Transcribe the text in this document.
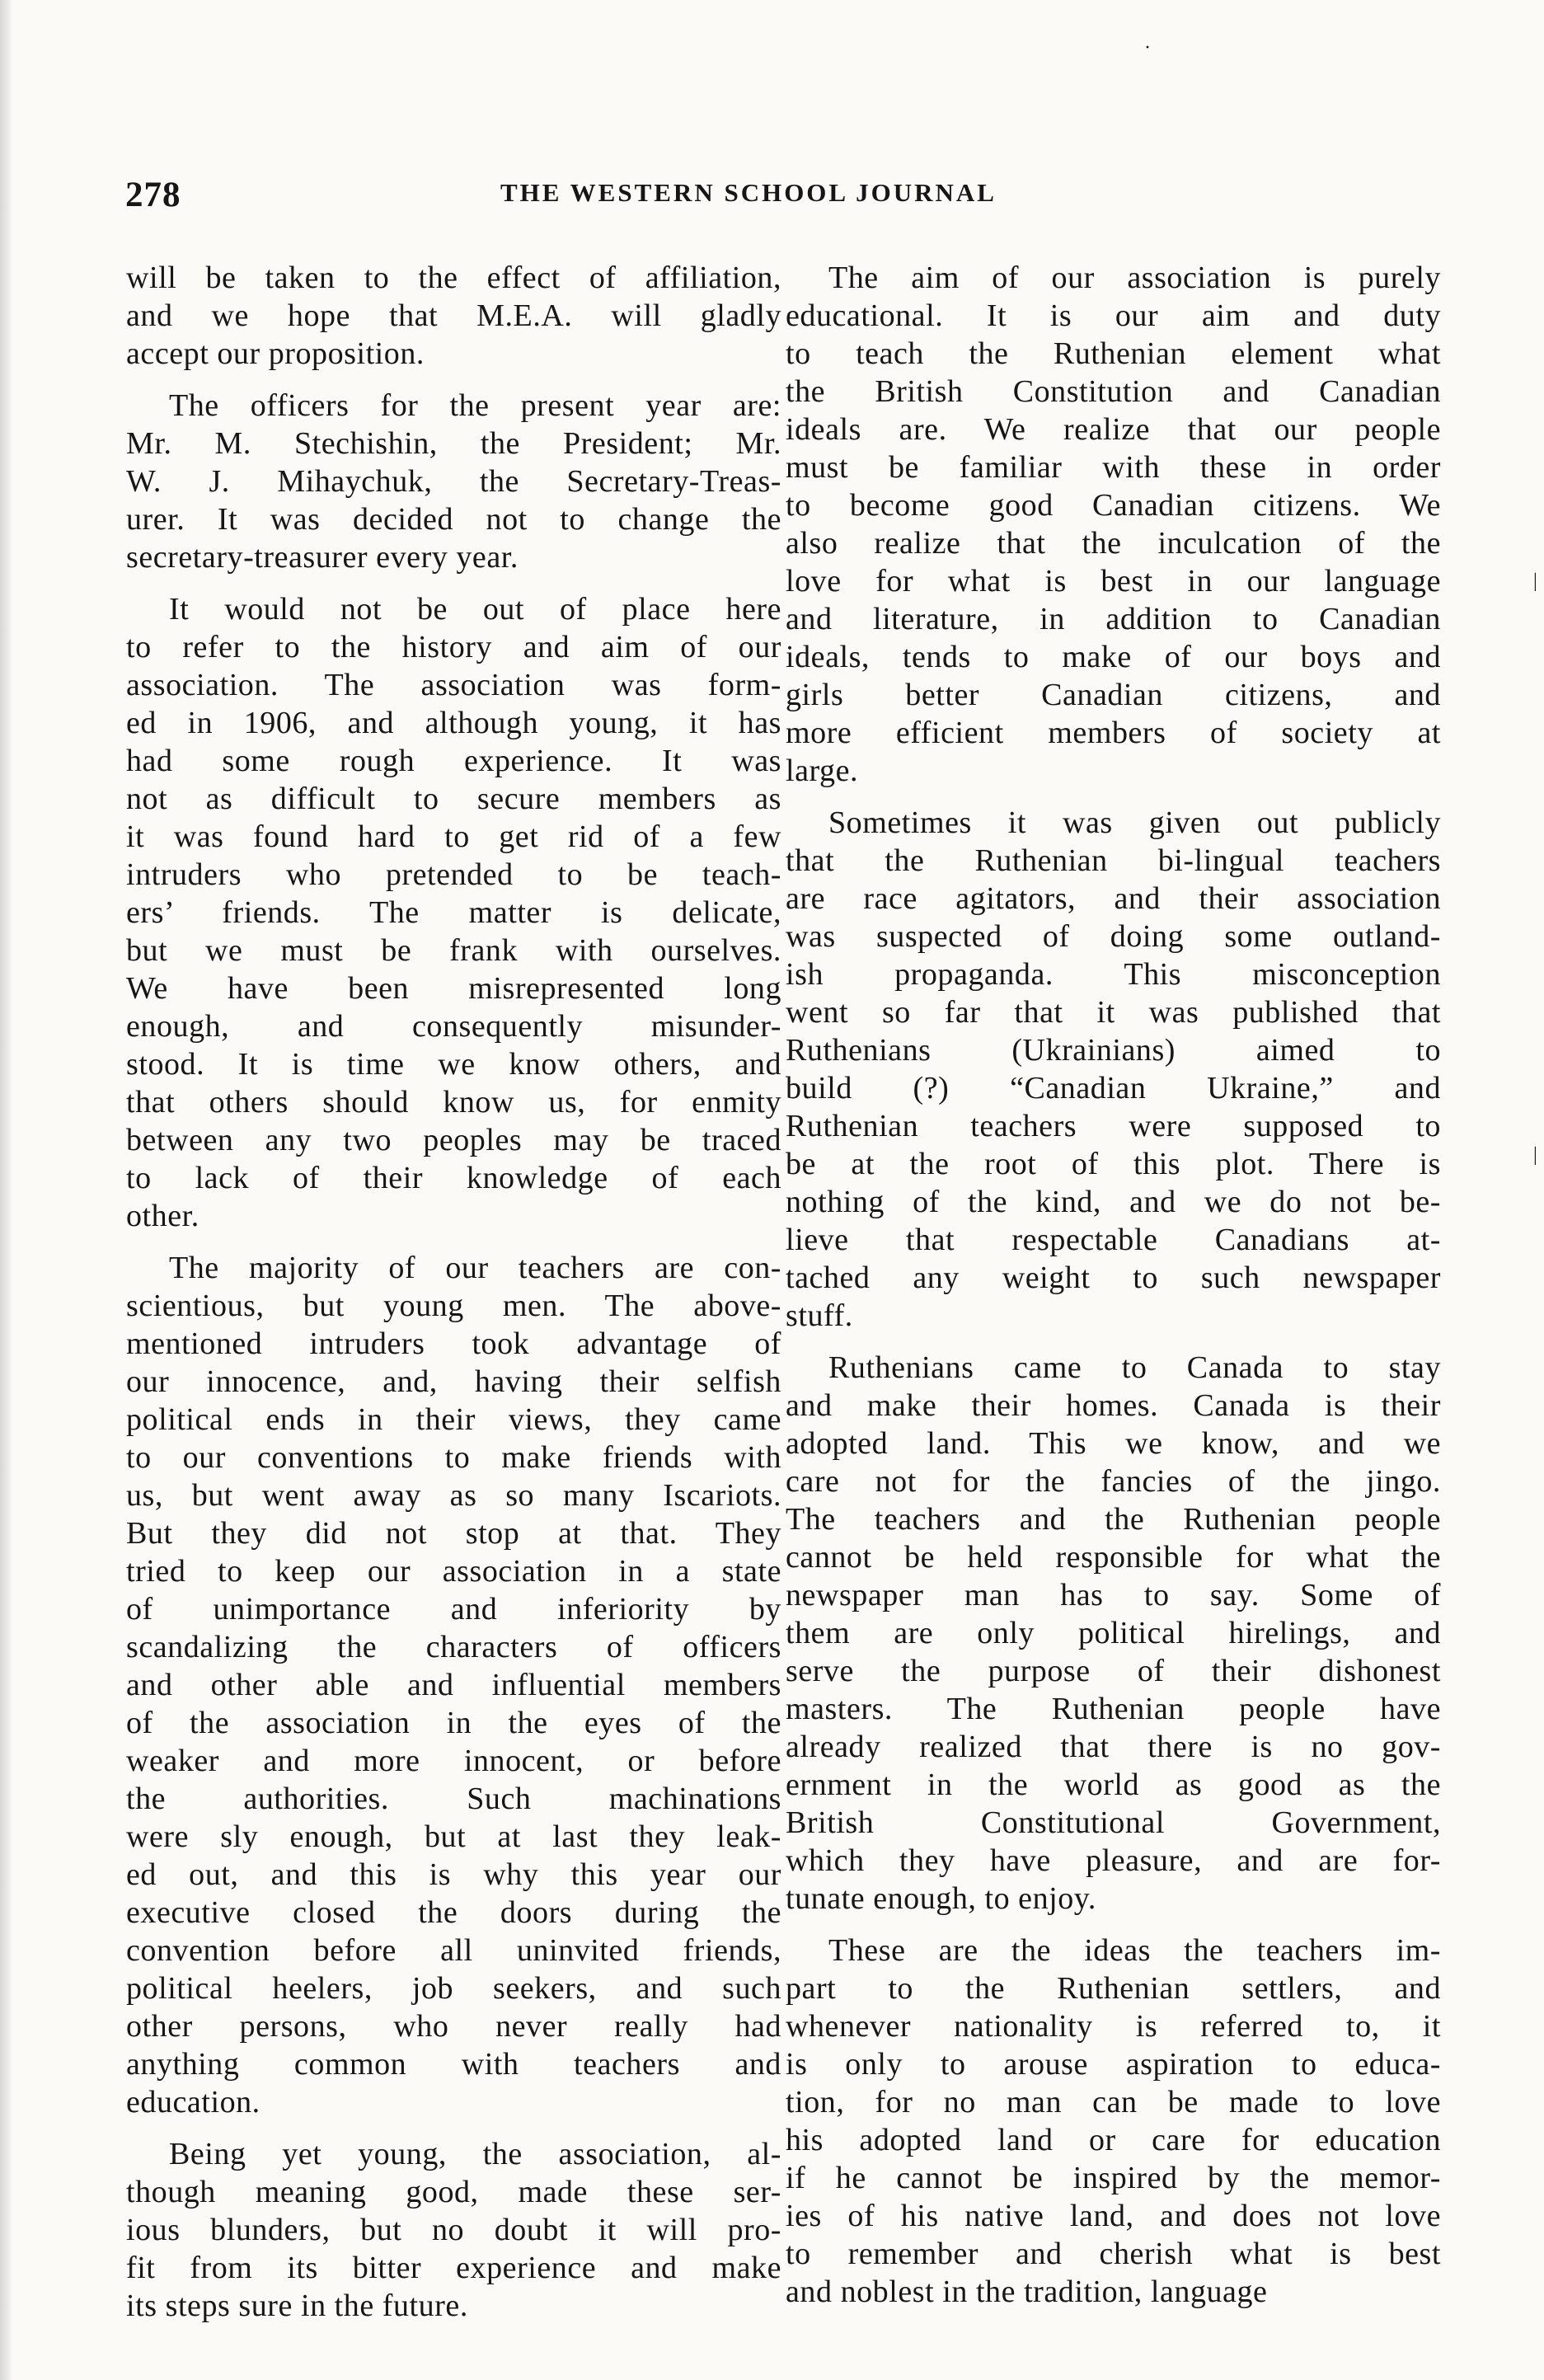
278	THE WESTERN SCHOOL JOURNAL

will be taken to the effect of affiliation,
and we hope that M.E.A. will gladly
accept our proposition.

The officers for the present year are:
Mr. M. Stechishin, the President; Mr.
W. J. Mihaychuk, the Secretary-Treas-
urer. It was decided not to change the
secretary-treasurer every year.

It would not be out of place here
to refer to the history and aim of our
association. The association was form-
ed in 1906, and although young, it has
had some rough experience. It was
not as difficult to secure members as
it was found hard to get rid of a few
intruders who pretended to be teach-
ers’ friends. The matter is delicate,
but we must be frank with ourselves.
We have been misrepresented long
enough, and consequently misunder-
stood. It is time we know others, and
that others should know us, for enmity
between any two peoples may be traced
to lack of their knowledge of each
other.

The majority of our teachers are con-
scientious, but young men. The above-
mentioned intruders took advantage of
our innocence, and, having their selfish
political ends in their views, they came
to our conventions to make friends with
us, but went away as so many Iscariots.
But they did not stop at that. They
tried to keep our association in a state
of unimportance and inferiority by
scandalizing the characters of officers
and other able and influential members
of the association in the eyes of the
weaker and more innocent, or before
the authorities. Such machinations
were sly enough, but at last they leak-
ed out, and this is why this year our
executive closed the doors during the
convention before all uninvited friends,
political heelers, job seekers, and such
other persons, who never really had
anything common with teachers and
education.

Being yet young, the association, al-
though meaning good, made these ser-
ious blunders, but no doubt it will pro-
fit from its bitter experience and make
its steps sure in the future.

The aim of our association is purely
educational. It is our aim and duty
to teach the Ruthenian element what
the British Constitution and Canadian
ideals are. We realize that our people
must be familiar with these in order
to become good Canadian citizens. We
also realize that the inculcation of the
love for what is best in our language
and literature, in addition to Canadian
ideals, tends to make of our boys and
girls better Canadian citizens, and
more efficient members of society at
large.

Sometimes it was given out publicly
that the Ruthenian bi-lingual teachers
are race agitators, and their association
was suspected of doing some outland-
ish propaganda. This misconception
went so far that it was published that
Ruthenians (Ukrainians) aimed to
build (?) “Canadian Ukraine,” and
Ruthenian teachers were supposed to
be at the root of this plot. There is
nothing of the kind, and we do not be-
lieve that respectable Canadians at-
tached any weight to such newspaper
stuff.

Ruthenians came to Canada to stay
and make their homes. Canada is their
adopted land. This we know, and we
care not for the fancies of the jingo.
The teachers and the Ruthenian people
cannot be held responsible for what the
newspaper man has to say. Some of
them are only political hirelings, and
serve the purpose of their dishonest
masters. The Ruthenian people have
already realized that there is no gov-
ernment in the world as good as the
British Constitutional Government,
which they have pleasure, and are for-
tunate enough, to enjoy.

These are the ideas the teachers im-
part to the Ruthenian settlers, and
whenever nationality is referred to, it
is only to arouse aspiration to educa-
tion, for no man can be made to love
his adopted land or care for education
if he cannot be inspired by the memor-
ies of his native land, and does not love
to remember and cherish what is best
and noblest in the tradition, language

·
|
|
